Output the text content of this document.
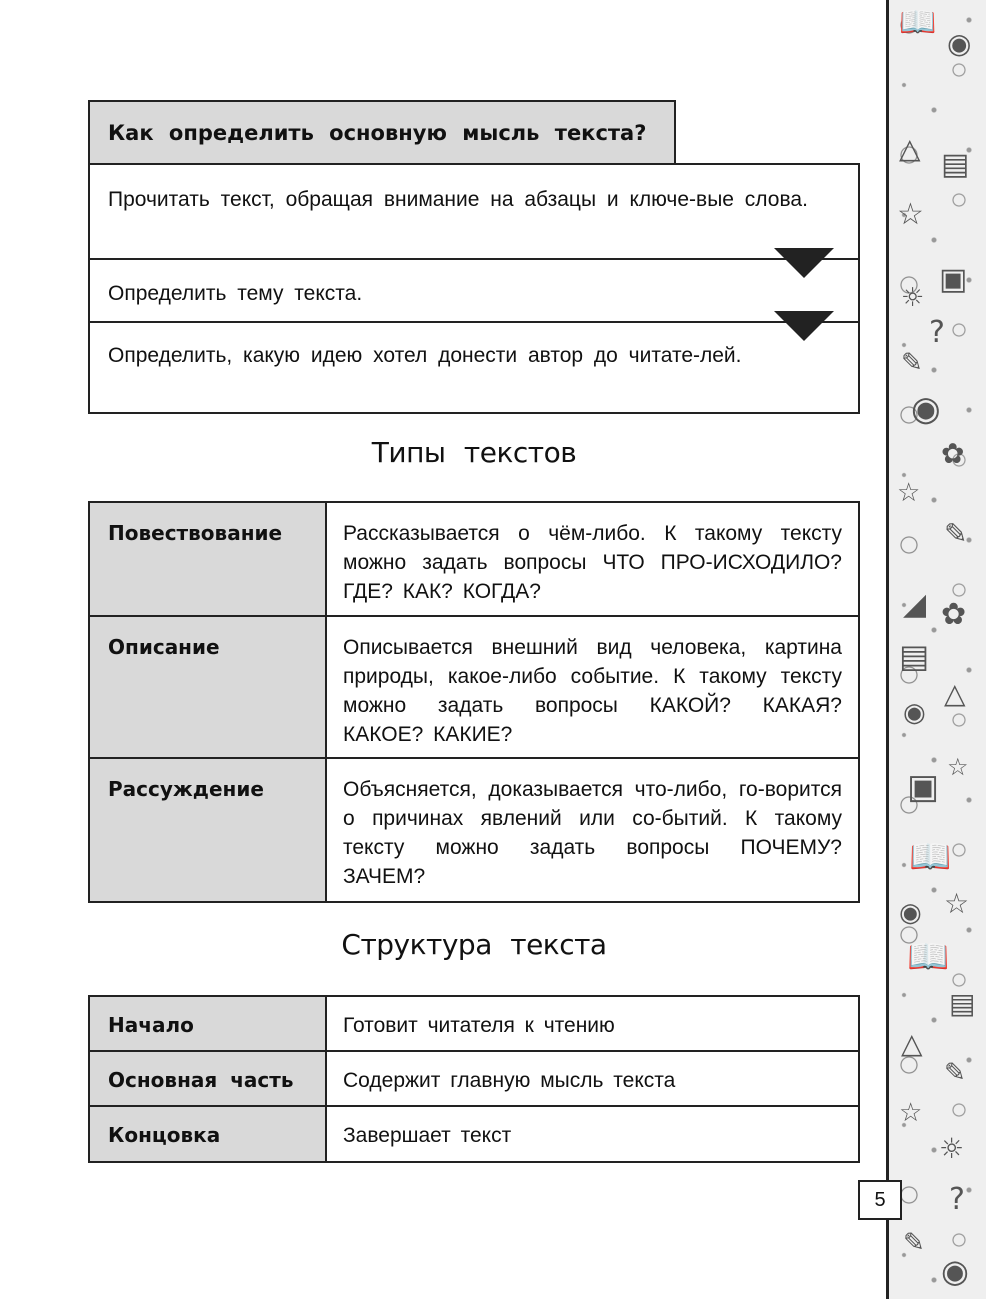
Как определить основную мысль текста?
Прочитать текст, обращая внимание на абзацы и ключе-вые слова.
Определить тему текста.
Определить, какую идею хотел донести автор до читате-лей.
Типы текстов
Повествование	Рассказывается о чём-либо. К такому тексту можно задать вопросы ЧТО ПРО-ИСХОДИЛО? ГДЕ? КАК? КОГДА?
Описание	Описывается внешний вид человека, картина природы, какое-либо событие. К такому тексту можно задать вопросы КАКОЙ? КАКАЯ? КАКОЕ? КАКИЕ?
Рассуждение	Объясняется, доказывается что-либо, го-ворится о причинах явлений или со-бытий. К такому тексту можно задать вопросы ПОЧЕМУ? ЗАЧЕМ?
Структура текста
Начало	Готовит читателя к чтению
Основная часть	Содержит главную мысль текста
Концовка	Завершает текст
📖
◉
☆
▤
△
▣
☼
?
✎
◉
✿
☆
✎
◢ ✿
▤
△
◉
▣ ☆
📖
◉ ☆
📖
▤
△
✎
☆
☼
?
✎
◉
5
